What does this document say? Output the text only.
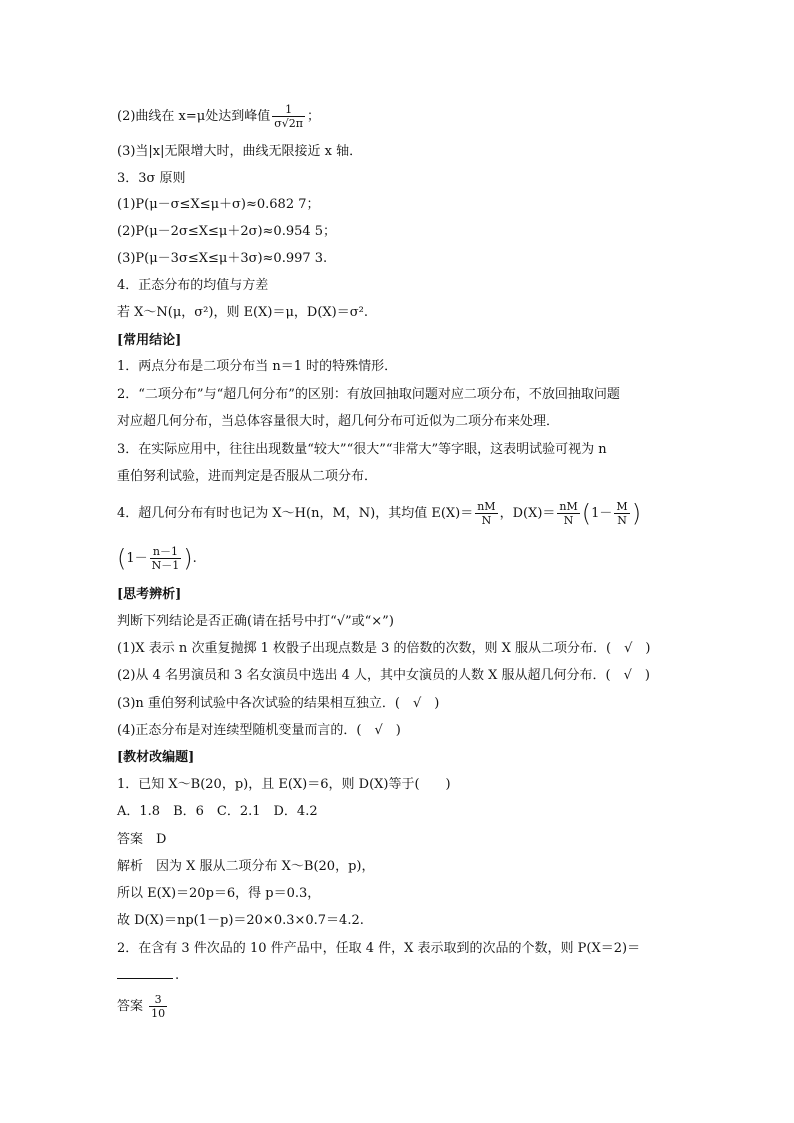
(2)曲线在 x=μ处达到峰值 $\frac{1}{\sigma√2\pi}$ ；
(3)当|x|无限增大时，曲线无限接近 x 轴．
3．3σ 原则
(1)P(μ－σ≤X≤μ＋σ)≈0.682 7；
(2)P(μ－2σ≤X≤μ＋2σ)≈0.954 5；
(3)P(μ－3σ≤X≤μ＋3σ)≈0.997 3.
4．正态分布的均值与方差
若 X～N(μ，σ²)，则 E(X)＝μ，D(X)＝σ².
[常用结论]
1．两点分布是二项分布当 n＝1 时的特殊情形．
2．“二项分布”与“超几何分布”的区别：有放回抽取问题对应二项分布，不放回抽取问题
对应超几何分布，当总体容量很大时，超几何分布可近似为二项分布来处理．
3．在实际应用中，往往出现数量“较大”“很大”“非常大”等字眼，这表明试验可视为 n
重伯努利试验，进而判定是否服从二项分布．
4．超几何分布有时也记为 X～H(n，M，N)，其均值 $E(X)= \frac{nM}{N}$ ，$D(X)= \frac{nM}{N} (1- \frac{M}{N}$ )
($1- \frac{n-1}{N-1}$ ).
[思考辨析]
判断下列结论是否正确(请在括号中打“√”或“×”)
(1)X 表示 n 次重复抛掷 1 枚骰子出现点数是 3 的倍数的次数，则 X 服从二项分布．(　√　)
(2)从 4 名男演员和 3 名女演员中选出 4 人，其中女演员的人数 X 服从超几何分布．(　√　)
(3)n 重伯努利试验中各次试验的结果相互独立．(　√　)
(4)正态分布是对连续型随机变量而言的．(　√　)
[教材改编题]
1．已知 X～B(20，p)，且 E(X)＝6，则 D(X)等于(　　)
A．1.8　B．6　C．2.1　D．4.2
答案　D
解析　因为 X 服从二项分布 X～B(20，p)，
所以 E(X)＝20p＝6，得 p＝0.3，
故 D(X)＝np(1－p)＝20×0.3×0.7＝4.2.
2．在含有 3 件次品的 10 件产品中，任取 4 件，X 表示取到的次品的个数，则 P(X＝2)＝
.
答案 $\frac{3}{10}$
